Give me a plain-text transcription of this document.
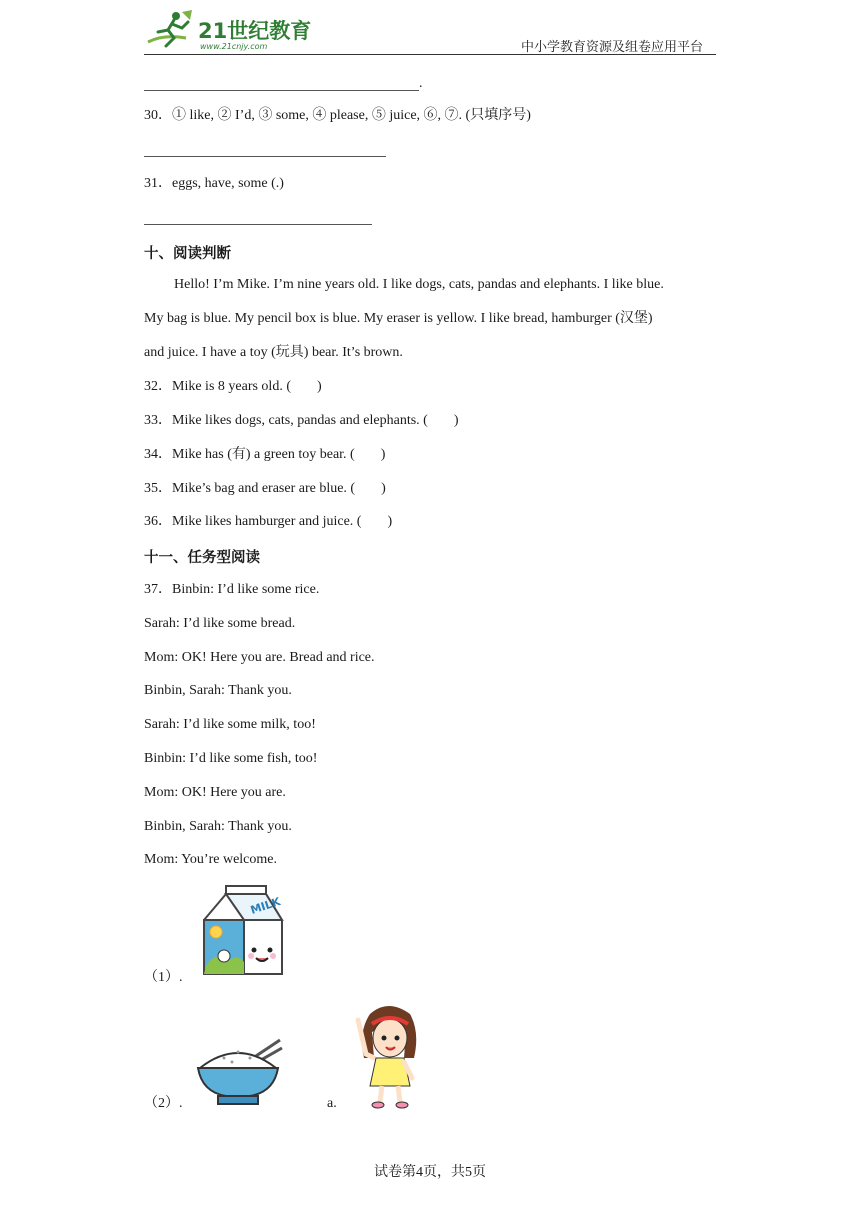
21世纪教育
www.21cnjy.com	中小学教育资源及组卷应用平台
.
30．① like, ② I’d, ③ some, ④ please, ⑤ juice, ⑥, ⑦. (只填序号)
31．eggs, have, some (.)
十、阅读判断
Hello! I’m Mike. I’m nine years old. I like dogs, cats, pandas and elephants. I like blue.
My bag is blue. My pencil box is blue. My eraser is yellow. I like bread, hamburger (汉堡)
and juice. I have a toy (玩具) bear. It’s brown.
32．Mike is 8 years old. ( )
33．Mike likes dogs, cats, pandas and elephants. ( )
34．Mike has (有) a green toy bear. ( )
35．Mike’s bag and eraser are blue. ( )
36．Mike likes hamburger and juice. ( )
十一、任务型阅读
37．Binbin: I’d like some rice.
Sarah: I’d like some bread.
Mom: OK! Here you are. Bread and rice.
Binbin, Sarah: Thank you.
Sarah: I’d like some milk, too!
Binbin: I’d like some fish, too!
Mom: OK! Here you are.
Binbin, Sarah: Thank you.
Mom: You’re welcome.
（1）.
MILK
（2）.	a.
试卷第4页，共5页
